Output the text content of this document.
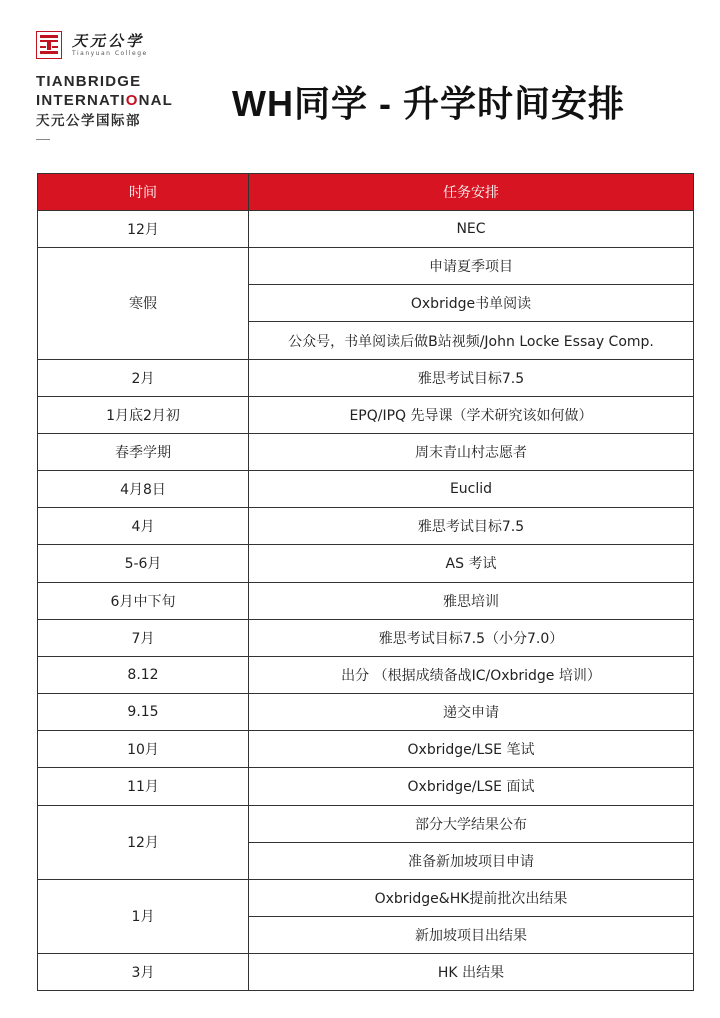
天元公学
Tianyuan College
TIANBRIDGE
INTERNATIONAL
天元公学国际部	WH同学 - 升学时间安排
时间	任务安排
12月	NEC
寒假	申请夏季项目
	Oxbridge书单阅读
	公众号，书单阅读后做B站视频/John Locke Essay Comp.
2月	雅思考试目标7.5
1月底2月初	EPQ/IPQ 先导课（学术研究该如何做）
春季学期	周末青山村志愿者
4月8日	Euclid
4月	雅思考试目标7.5
5-6月	AS 考试
6月中下旬	雅思培训
7月	雅思考试目标7.5（小分7.0）
8.12	出分 （根据成绩备战IC/Oxbridge 培训）
9.15	递交申请
10月	Oxbridge/LSE 笔试
11月	Oxbridge/LSE 面试
12月	部分大学结果公布
	准备新加坡项目申请
1月	Oxbridge&HK提前批次出结果
	新加坡项目出结果
3月	HK 出结果
